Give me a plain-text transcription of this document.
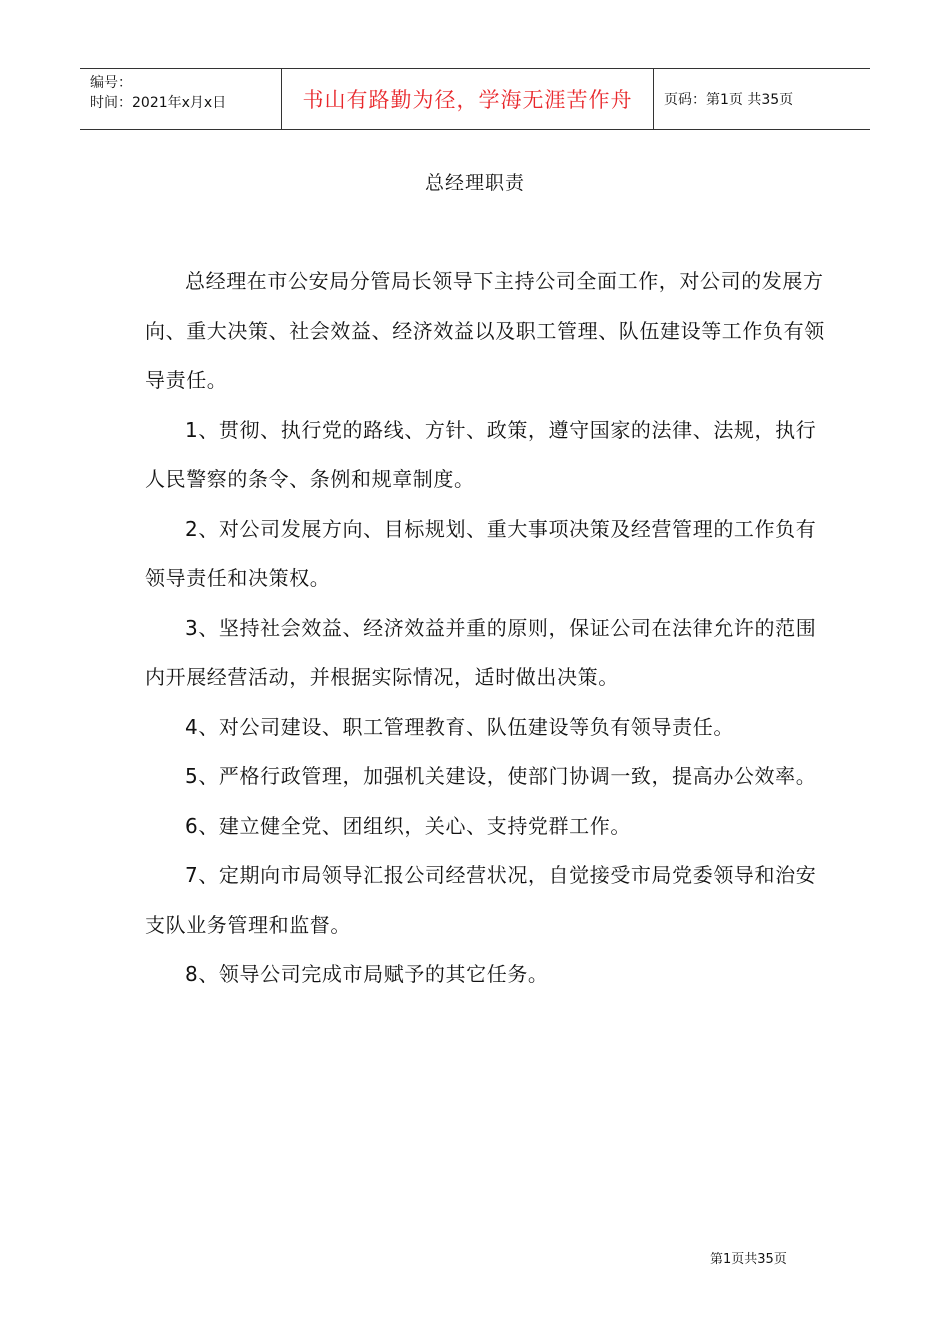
编号：
时间：2021年x月x日	书山有路勤为径，学海无涯苦作舟 页码：第1页 共35页
总经理职责

总经理在市公安局分管局长领导下主持公司全面工作，对公司的发展方向、重大决策、社会效益、经济效益以及职工管理、队伍建设等工作负有领导责任。

1、贯彻、执行党的路线、方针、政策，遵守国家的法律、法规，执行人民警察的条令、条例和规章制度。

2、对公司发展方向、目标规划、重大事项决策及经营管理的工作负有领导责任和决策权。

3、坚持社会效益、经济效益并重的原则，保证公司在法律允许的范围内开展经营活动，并根据实际情况，适时做出决策。

4、对公司建设、职工管理教育、队伍建设等负有领导责任。

5、严格行政管理，加强机关建设，使部门协调一致，提高办公效率。

6、建立健全党、团组织，关心、支持党群工作。

7、定期向市局领导汇报公司经营状况，自觉接受市局党委领导和治安支队业务管理和监督。

8、领导公司完成市局赋予的其它任务。

第1页共35页
